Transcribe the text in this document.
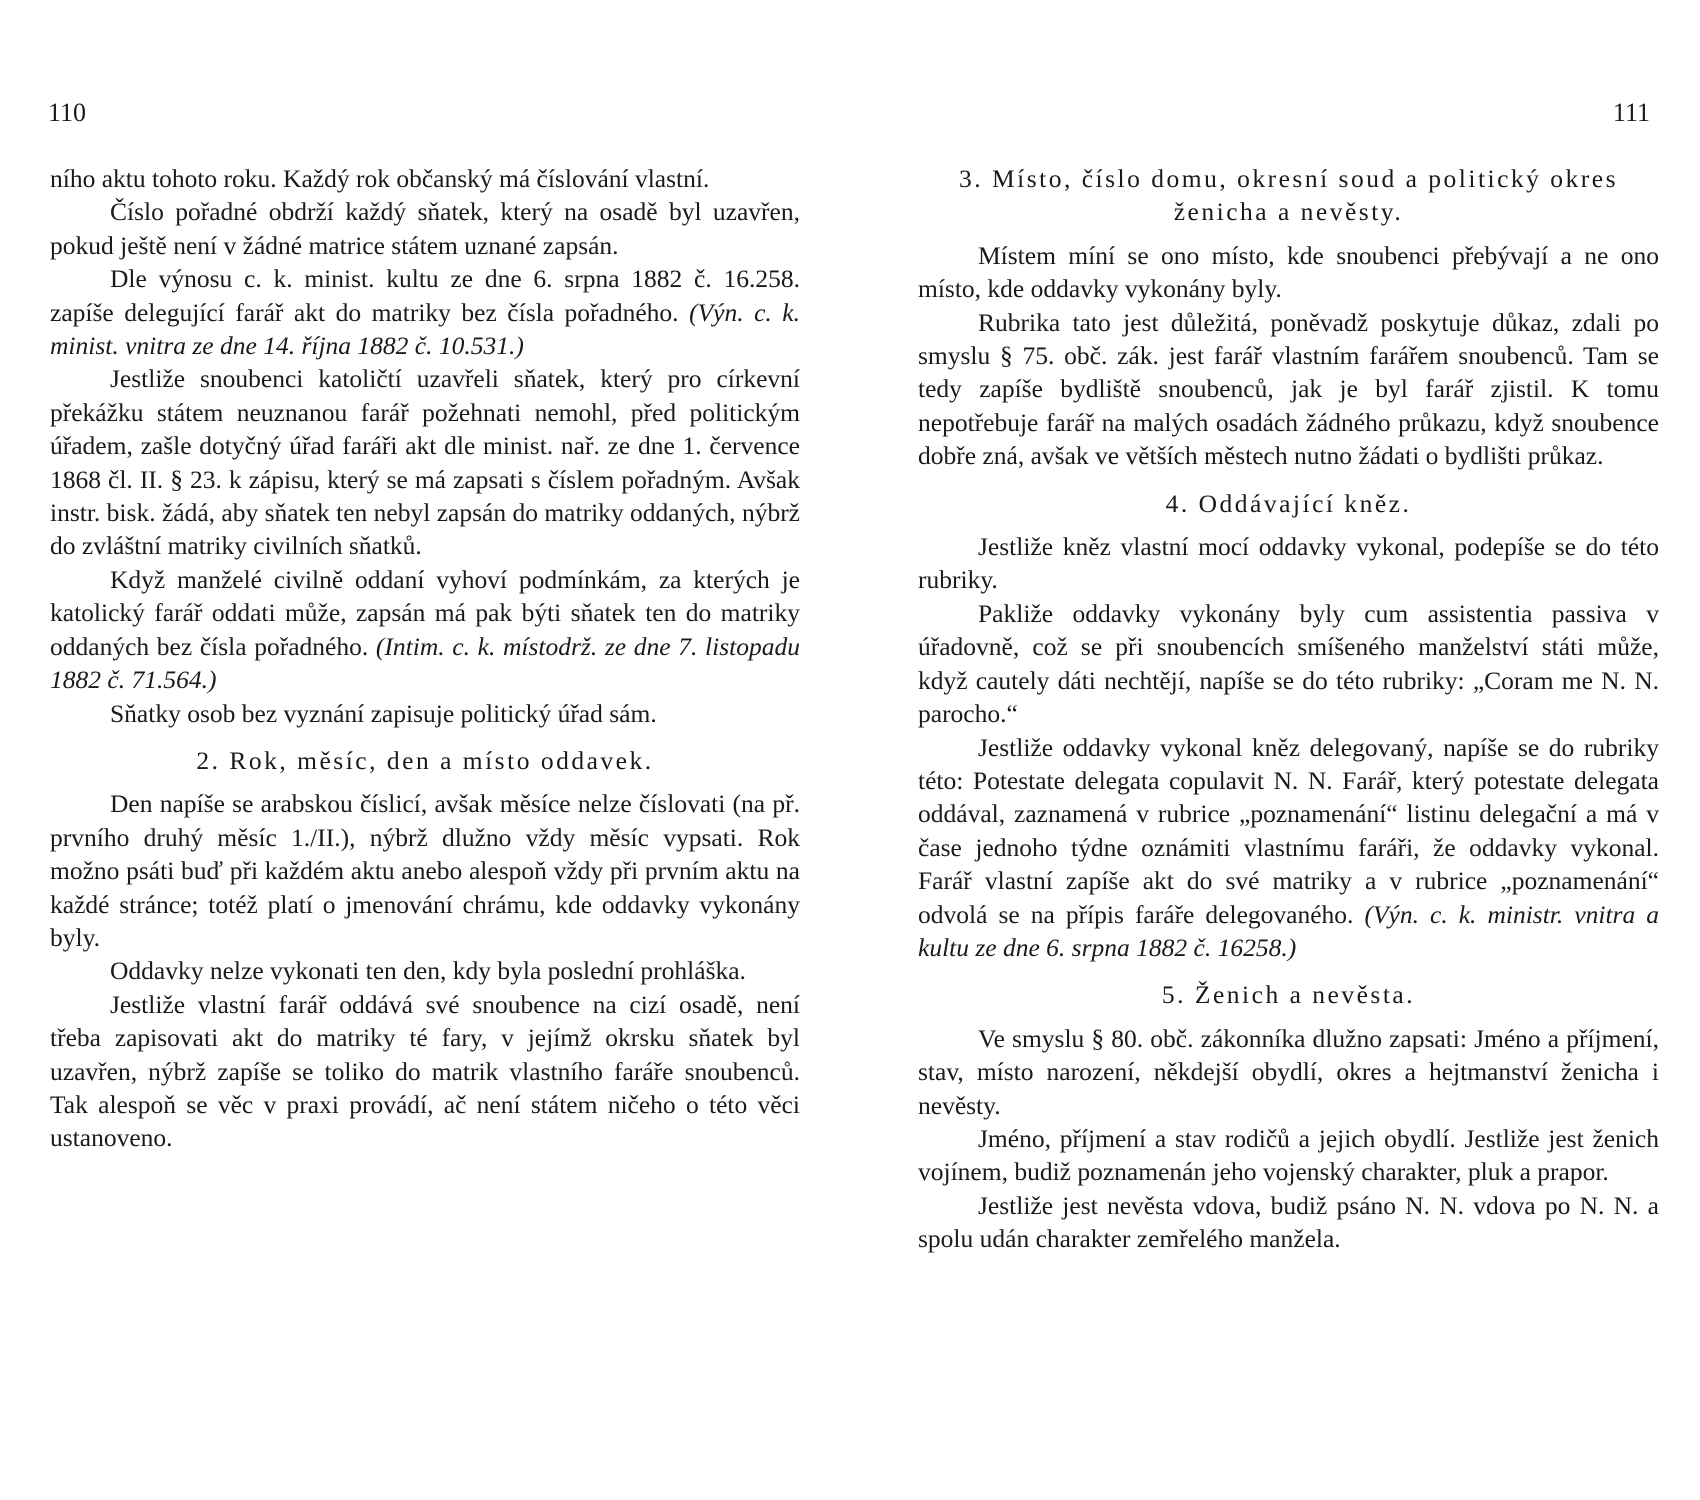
110

ního aktu tohoto roku. Každý rok občanský má číslování vlastní.

Číslo pořadné obdrží každý sňatek, který na osadě byl uzavřen, pokud ještě není v žádné matrice státem uznané zapsán.

Dle výnosu c. k. minist. kultu ze dne 6. srpna 1882 č. 16.258. zapíše delegující farář akt do matriky bez čísla pořadného. (Výn. c. k. minist. vnitra ze dne 14. října 1882 č. 10.531.)

Jestliže snoubenci katoličtí uzavřeli sňatek, který pro církevní překážku státem neuznanou farář požehnati nemohl, před politickým úřadem, zašle dotyčný úřad faráři akt dle minist. nař. ze dne 1. července 1868 čl. II. § 23. k zápisu, který se má zapsati s číslem pořadným. Avšak instr. bisk. žádá, aby sňatek ten nebyl zapsán do matriky oddaných, nýbrž do zvláštní matriky civilních sňatků.

Když manželé civilně oddaní vyhoví podmínkám, za kterých je katolický farář oddati může, zapsán má pak býti sňatek ten do matriky oddaných bez čísla pořadného. (Intim. c. k. místodrž. ze dne 7. listopadu 1882 č. 71.564.)

Sňatky osob bez vyznání zapisuje politický úřad sám.

2. Rok, měsíc, den a místo oddavek.

Den napíše se arabskou číslicí, avšak měsíce nelze číslovati (na př. prvního druhý měsíc 1./II.), nýbrž dlužno vždy měsíc vypsati. Rok možno psáti buď při každém aktu anebo alespoň vždy při prvním aktu na každé stránce; totéž platí o jmenování chrámu, kde oddavky vykonány byly.

Oddavky nelze vykonati ten den, kdy byla poslední prohláška.

Jestliže vlastní farář oddává své snoubence na cizí osadě, není třeba zapisovati akt do matriky té fary, v jejímž okrsku sňatek byl uzavřen, nýbrž zapíše se toliko do matrik vlastního faráře snoubenců. Tak alespoň se věc v praxi provádí, ač není státem ničeho o této věci ustanoveno.

111
3. Místo, číslo domu, okresní soud a politický okres ženicha a nevěsty.

Místem míní se ono místo, kde snoubenci přebývají a ne ono místo, kde oddavky vykonány byly.

Rubrika tato jest důležitá, poněvadž poskytuje důkaz, zdali po smyslu § 75. obč. zák. jest farář vlastním farářem snoubenců. Tam se tedy zapíše bydliště snoubenců, jak je byl farář zjistil. K tomu nepotřebuje farář na malých osadách žádného průkazu, když snoubence dobře zná, avšak ve větších městech nutno žádati o bydlišti průkaz.

4. Oddávající kněz.

Jestliže kněz vlastní mocí oddavky vykonal, podepíše se do této rubriky.

Pakliže oddavky vykonány byly cum assistentia passiva v úřadovně, což se při snoubencích smíšeného manželství státi může, když cautely dáti nechtějí, napíše se do této rubriky: „Coram me N. N. parocho.“

Jestliže oddavky vykonal kněz delegovaný, napíše se do rubriky této: Potestate delegata copulavit N. N. Farář, který potestate delegata oddával, zaznamená v rubrice „poznamenání“ listinu delegační a má v čase jednoho týdne oznámiti vlastnímu faráři, že oddavky vykonal. Farář vlastní zapíše akt do své matriky a v rubrice „poznamenání“ odvolá se na přípis faráře delegovaného. (Výn. c. k. ministr. vnitra a kultu ze dne 6. srpna 1882 č. 16258.)

5. Ženich a nevěsta.

Ve smyslu § 80. obč. zákonníka dlužno zapsati: Jméno a příjmení, stav, místo narození, někdejší obydlí, okres a hejtmanství ženicha i nevěsty.

Jméno, příjmení a stav rodičů a jejich obydlí. Jestliže jest ženich vojínem, budiž poznamenán jeho vojenský charakter, pluk a prapor.

Jestliže jest nevěsta vdova, budiž psáno N. N. vdova po N. N. a spolu udán charakter zemřelého manžela.
